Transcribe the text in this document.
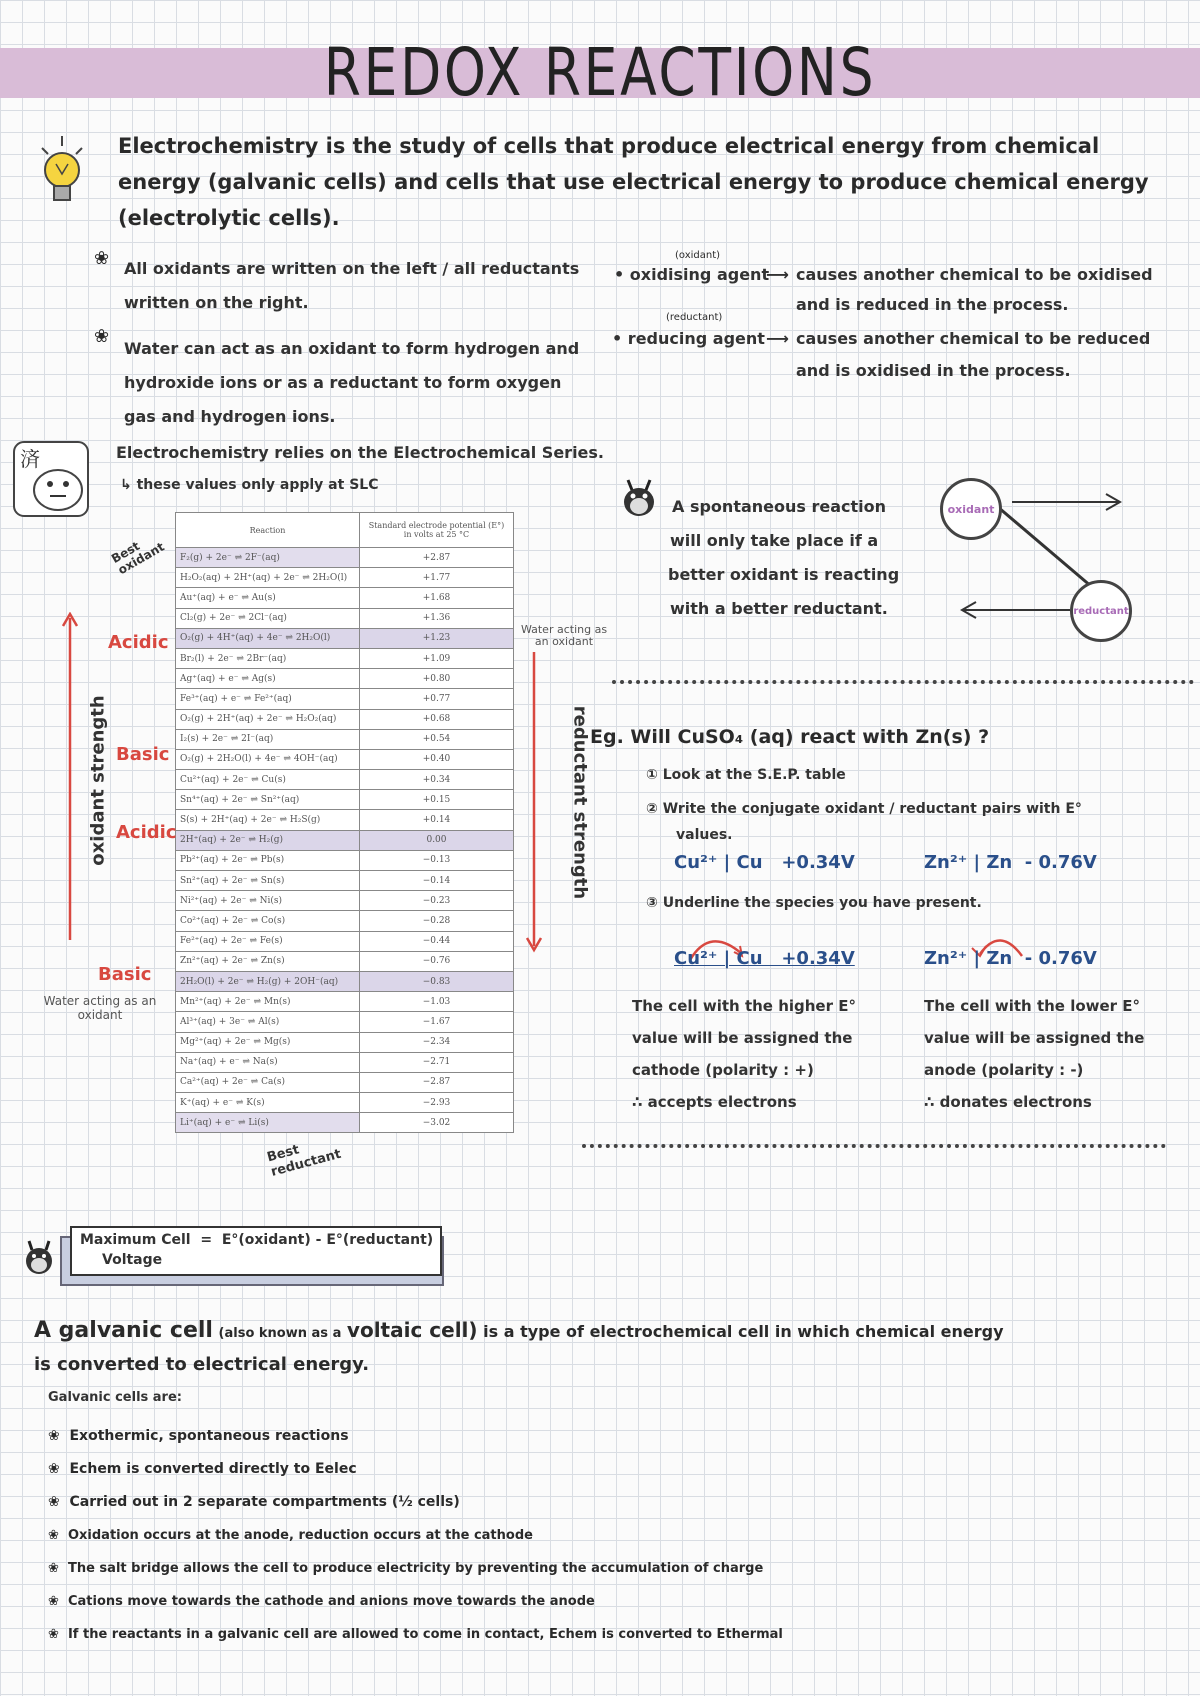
REDOX REACTIONS
Electrochemistry is the study of cells that produce electrical energy from chemical
energy (galvanic cells) and cells that use electrical energy to produce chemical energy
(electrolytic cells).
❀ All oxidants are written on the left / all reductants
written on the right.
❀
Water can act as an oxidant to form hydrogen and
hydroxide ions or as a reductant to form oxygen
gas and hydrogen ions.
(oxidant)
• oxidising agent
⟶ causes another chemical to be oxidised
and is reduced in the process.
(reductant)
• reducing agent ⟶ causes another chemical to be reduced
and is oxidised in the process.
済	Electrochemistry relies on the Electrochemical Series.
↳ these values only apply at SLC
Best oxidant
Reaction	Standard electrode potential (E°) in volts at 25 °C
F₂(g) + 2e⁻ ⇌ 2F⁻(aq)	+2.87
H₂O₂(aq) + 2H⁺(aq) + 2e⁻ ⇌ 2H₂O(l)	+1.77
Au⁺(aq) + e⁻ ⇌ Au(s)	+1.68
Cl₂(g) + 2e⁻ ⇌ 2Cl⁻(aq)	+1.36
O₂(g) + 4H⁺(aq) + 4e⁻ ⇌ 2H₂O(l)	+1.23
Br₂(l) + 2e⁻ ⇌ 2Br⁻(aq)	+1.09
Ag⁺(aq) + e⁻ ⇌ Ag(s)	+0.80
Fe³⁺(aq) + e⁻ ⇌ Fe²⁺(aq)	+0.77
O₂(g) + 2H⁺(aq) + 2e⁻ ⇌ H₂O₂(aq)	+0.68
I₂(s) + 2e⁻ ⇌ 2I⁻(aq)	+0.54
O₂(g) + 2H₂O(l) + 4e⁻ ⇌ 4OH⁻(aq)	+0.40
Cu²⁺(aq) + 2e⁻ ⇌ Cu(s)	+0.34
Sn⁴⁺(aq) + 2e⁻ ⇌ Sn²⁺(aq)	+0.15
S(s) + 2H⁺(aq) + 2e⁻ ⇌ H₂S(g)	+0.14
2H⁺(aq) + 2e⁻ ⇌ H₂(g)	0.00
Pb²⁺(aq) + 2e⁻ ⇌ Pb(s)	−0.13
Sn²⁺(aq) + 2e⁻ ⇌ Sn(s)	−0.14
Ni²⁺(aq) + 2e⁻ ⇌ Ni(s)	−0.23
Co²⁺(aq) + 2e⁻ ⇌ Co(s)	−0.28
Fe²⁺(aq) + 2e⁻ ⇌ Fe(s)	−0.44
Zn²⁺(aq) + 2e⁻ ⇌ Zn(s)	−0.76
2H₂O(l) + 2e⁻ ⇌ H₂(g) + 2OH⁻(aq)	−0.83
Mn²⁺(aq) + 2e⁻ ⇌ Mn(s)	−1.03
Al³⁺(aq) + 3e⁻ ⇌ Al(s)	−1.67
Mg²⁺(aq) + 2e⁻ ⇌ Mg(s)	−2.34
Na⁺(aq) + e⁻ ⇌ Na(s)	−2.71
Ca²⁺(aq) + 2e⁻ ⇌ Ca(s)	−2.87
K⁺(aq) + e⁻ ⇌ K(s)	−2.93
Li⁺(aq) + e⁻ ⇌ Li(s)	−3.02
Best reductant
oxidant strength
Acidic
Basic
Acidic
Basic
Water acting as an oxidant
Water acting as an oxidant
reductant strength
A spontaneous reaction
will only take place if a
better oxidant is reacting
with a better reductant.
oxidant
reductant
Eg. Will CuSO₄ (aq) react with Zn(s) ?
① Look at the S.E.P. table
② Write the conjugate oxidant / reductant pairs with E°
values.
Cu²⁺ | Cu   +0.34V	Zn²⁺ | Zn  - 0.76V
③ Underline the species you have present.
Cu²⁺ | Cu   +0.34V	Zn²⁺ | Zn  - 0.76V
The cell with the higher E°
value will be assigned the
cathode (polarity : +)
∴ accepts electrons
The cell with the lower E°
value will be assigned the
anode (polarity : -)
∴ donates electrons
Maximum Cell  =  E°(oxidant) - E°(reductant)
Voltage
A galvanic cell (also known as a voltaic cell) is a type of electrochemical cell in which chemical energy
is converted to electrical energy.
Galvanic cells are:
❀ Exothermic, spontaneous reactions
❀ Echem is converted directly to Eelec
❀ Carried out in 2 separate compartments (½ cells)
❀ Oxidation occurs at the anode, reduction occurs at the cathode
❀ The salt bridge allows the cell to produce electricity by preventing the accumulation of charge
❀ Cations move towards the cathode and anions move towards the anode
❀ If the reactants in a galvanic cell are allowed to come in contact, Echem is converted to Ethermal
